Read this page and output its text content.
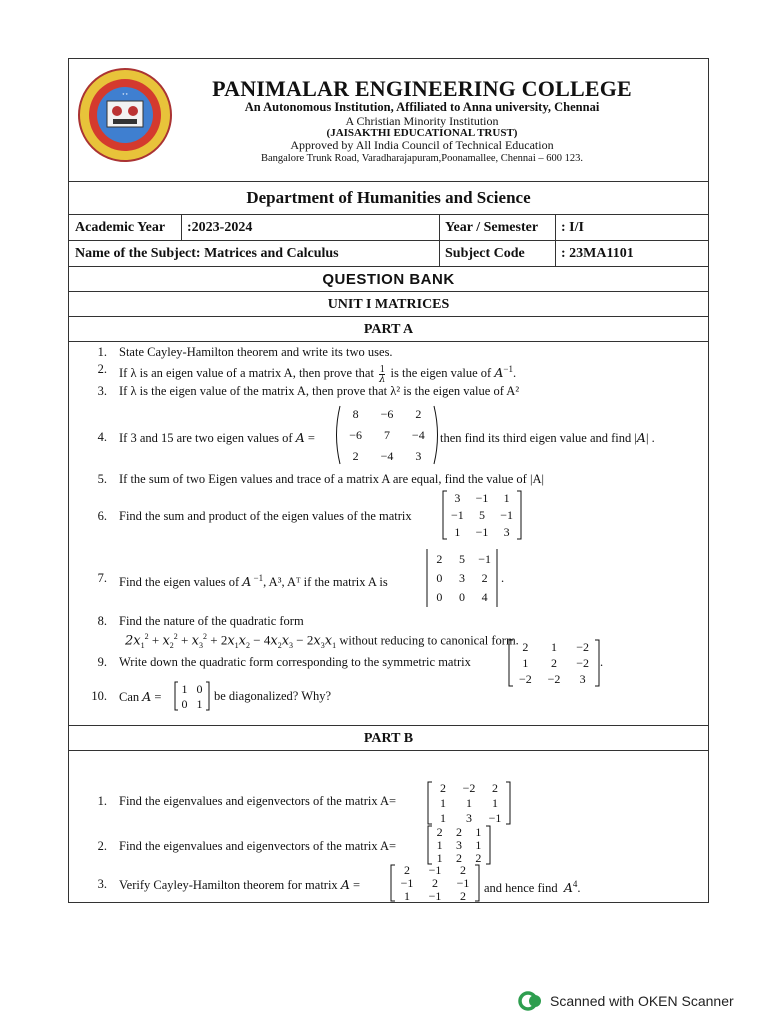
* *	PANIMALAR ENGINEERING COLLEGE
An Autonomous Institution, Affiliated to Anna university, Chennai
A Christian Minority Institution
(JAISAKTHI EDUCATIONAL TRUST)
Approved by All India Council of Technical Education
Bangalore Trunk Road, Varadharajapuram,Poonamallee, Chennai – 600 123.
Department of Humanities and Science
Academic Year	:2023-2024	Year / Semester	: I/I
Name of the Subject: Matrices and Calculus	Subject Code	: 23MA1101
QUESTION BANK
UNIT I MATRICES
PART A
1. State Cayley-Hamilton theorem and write its two uses.
2. If λ is an eigen value of a matrix A, then prove that $\frac{1}{\lambda}$ is the eigen value of $A^{-1}$.
3. If λ is the eigen value of the matrix A, then prove that λ² is the eigen value of A²
4. If 3 and 15 are two eigen values of A =
8	−6	2
−6	7	−4
2	−4	3
then find its third eigen value and find |A| .
5. If the sum of two Eigen values and trace of a matrix A are equal, find the value of |A|
6. Find the sum and product of the eigen values of the matrix
3	−1	1
−1	5	−1
1	−1	3
7. Find the eigen values of A $^{-1}$, A³, Aᵀ if the matrix A is
2	5	−1
0	3	2
0	0	4
.
8. Find the nature of the quadratic form
$2x_1^2 + x_2^2 + x_3^2 + 2x_1x_2 - 4x_2x_3 - 2x_3x_1$ without reducing to canonical form.
9. Write down the quadratic form corresponding to the symmetric matrix
2	1	−2
1	2	−2
−2	−2	3
.
10. Can A =
1 0
0 1
be diagonalized? Why?
PART B
1. Find the eigenvalues and eigenvectors of the matrix A=
2	−2	2
1	1	1
1	3	−1
2. Find the eigenvalues and eigenvectors of the matrix A=
2	2	1
1	3	1
1	2	2
3. Verify Cayley-Hamilton theorem for matrix A =
2	−1	2
−1	2	−1
1	−1	2
and hence find $A^4$.
Scanned with OKEN Scanner
